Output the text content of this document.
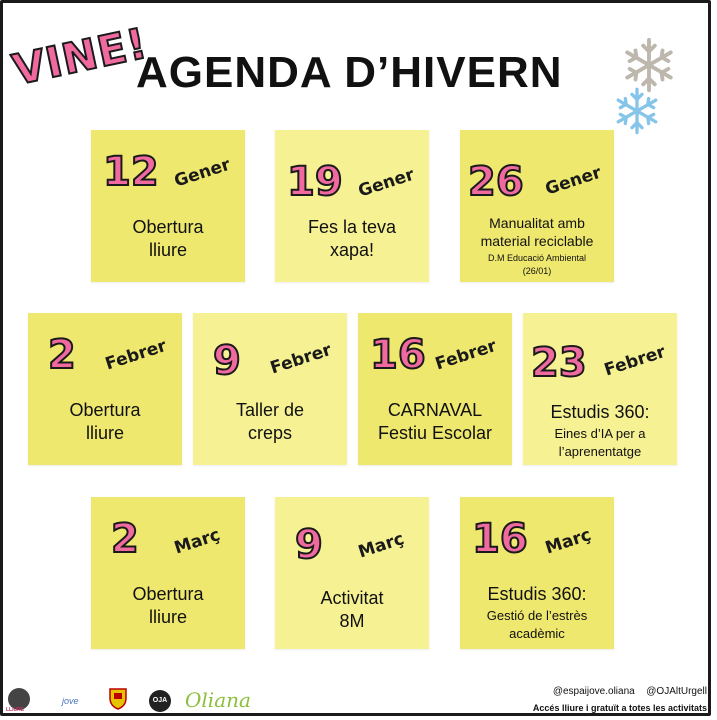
VINE!
AGENDA D’HIVERN
12 Gener
Obertura
lliure
19 Gener
Fes la teva
xapa!
26 Gener
Manualitat amb
material reciclable
D.M Educació Ambiental
(26/01)
2 Febrer
Obertura
lliure
9 Febrer
Taller de
creps
16 Febrer
CARNAVAL
Festiu Escolar
23 Febrer
Estudis 360:
Eines d’IA per a
l’aprenentatge
2 Març
Obertura
lliure
9 Març
Activitat
8M
16 Març
Estudis 360:
Gestió de l’estrès
acadèmic
LLIURE
jove	OJA Oliana	@espaijove.oliana @OJAltUrgell
Accés lliure i gratuït a totes les activitats
